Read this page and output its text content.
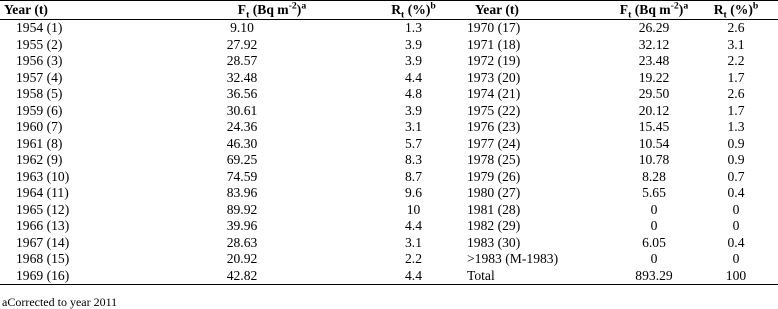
Year (t)	$F_t$ (Bq $m^{-2})^a$	$R_t$ (%)$^b$	Year (t)	$F_t$ (Bq $m^{-2})^a$	$R_t$ (%)$^b$
1954 (1)	9.10	1.3	1970 (17)	26.29	2.6
1955 (2)	27.92	3.9	1971 (18)	32.12	3.1
1956 (3)	28.57	3.9	1972 (19)	23.48	2.2
1957 (4)	32.48	4.4	1973 (20)	19.22	1.7
1958 (5)	36.56	4.8	1974 (21)	29.50	2.6
1959 (6)	30.61	3.9	1975 (22)	20.12	1.7
1960 (7)	24.36	3.1	1976 (23)	15.45	1.3
1961 (8)	46.30	5.7	1977 (24)	10.54	0.9
1962 (9)	69.25	8.3	1978 (25)	10.78	0.9
1963 (10)	74.59	8.7	1979 (26)	8.28	0.7
1964 (11)	83.96	9.6	1980 (27)	5.65	0.4
1965 (12)	89.92	10	1981 (28)	0	0
1966 (13)	39.96	4.4	1982 (29)	0	0
1967 (14)	28.63	3.1	1983 (30)	6.05	0.4
1968 (15)	20.92	2.2	>1983 (M-1983)	0	0
1969 (16)	42.82	4.4	Total	893.29	100
aCorrected to year 2011
